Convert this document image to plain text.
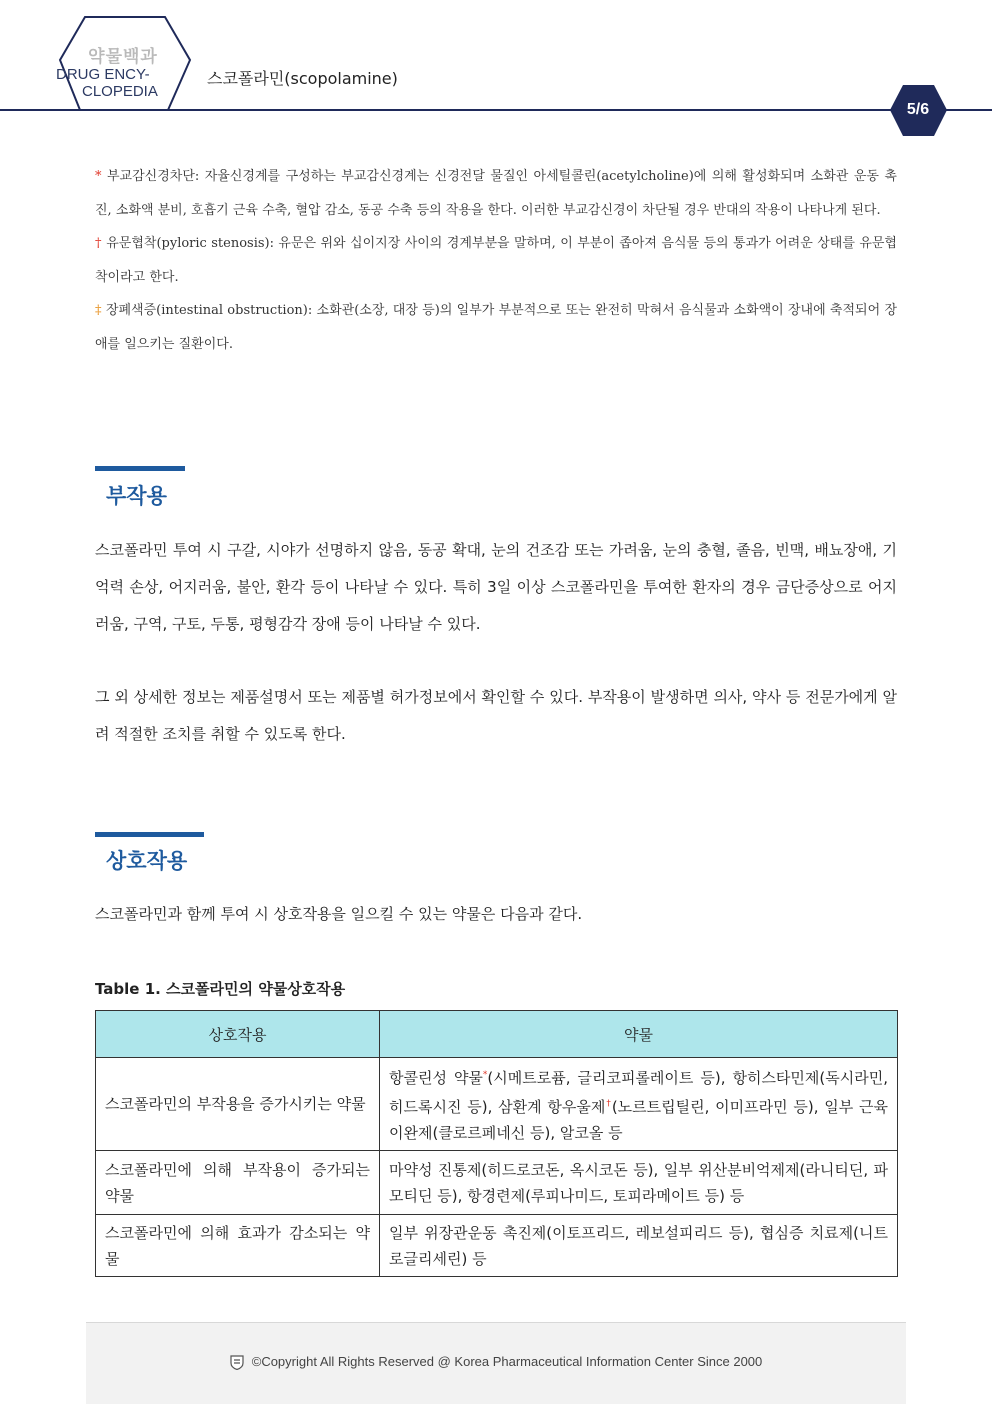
약물백과
DRUG ENCY-
CLOPEDIA
스코폴라민(scopolamine)
5/6

* 부교감신경차단: 자율신경계를 구성하는 부교감신경계는 신경전달 물질인 아세틸콜린(acetylcholine)에 의해 활성화되며 소화관 운동 촉진, 소화액 분비, 호흡기 근육 수축, 혈압 감소, 동공 수축 등의 작용을 한다. 이러한 부교감신경이 차단될 경우 반대의 작용이 나타나게 된다.

† 유문협착(pyloric stenosis): 유문은 위와 십이지장 사이의 경계부분을 말하며, 이 부분이 좁아져 음식물 등의 통과가 어려운 상태를 유문협착이라고 한다.

‡ 장폐색증(intestinal obstruction): 소화관(소장, 대장 등)의 일부가 부분적으로 또는 완전히 막혀서 음식물과 소화액이 장내에 축적되어 장애를 일으키는 질환이다.

부작용

스코폴라민 투여 시 구갈, 시야가 선명하지 않음, 동공 확대, 눈의 건조감 또는 가려움, 눈의 충혈, 졸음, 빈맥, 배뇨장애, 기억력 손상, 어지러움, 불안, 환각 등이 나타날 수 있다. 특히 3일 이상 스코폴라민을 투여한 환자의 경우 금단증상으로 어지러움, 구역, 구토, 두통, 평형감각 장애 등이 나타날 수 있다.

그 외 상세한 정보는 제품설명서 또는 제품별 허가정보에서 확인할 수 있다. 부작용이 발생하면 의사, 약사 등 전문가에게 알려 적절한 조치를 취할 수 있도록 한다.

상호작용
스코폴라민과 함께 투여 시 상호작용을 일으킬 수 있는 약물은 다음과 같다.
Table 1. 스코폴라민의 약물상호작용
상호작용	약물
스코폴라민의 부작용을 증가시키는 약물	항콜린성 약물*(시메트로퓸, 글리코피롤레이트 등), 항히스타민제(독시라민, 히드록시진 등), 삼환계 항우울제†(노르트립틸린, 이미프라민 등), 일부 근육이완제(클로르페네신 등), 알코올 등
스코폴라민에 의해 부작용이 증가되는 약물	마약성 진통제(히드로코돈, 옥시코돈 등), 일부 위산분비억제제(라니티딘, 파모티딘 등), 항경련제(루피나미드, 토피라메이트 등) 등
스코폴라민에 의해 효과가 감소되는 약물	일부 위장관운동 촉진제(이토프리드, 레보설피리드 등), 협심증 치료제(니트로글리세린) 등
©Copyright All Rights Reserved @ Korea Pharmaceutical Information Center Since 2000
